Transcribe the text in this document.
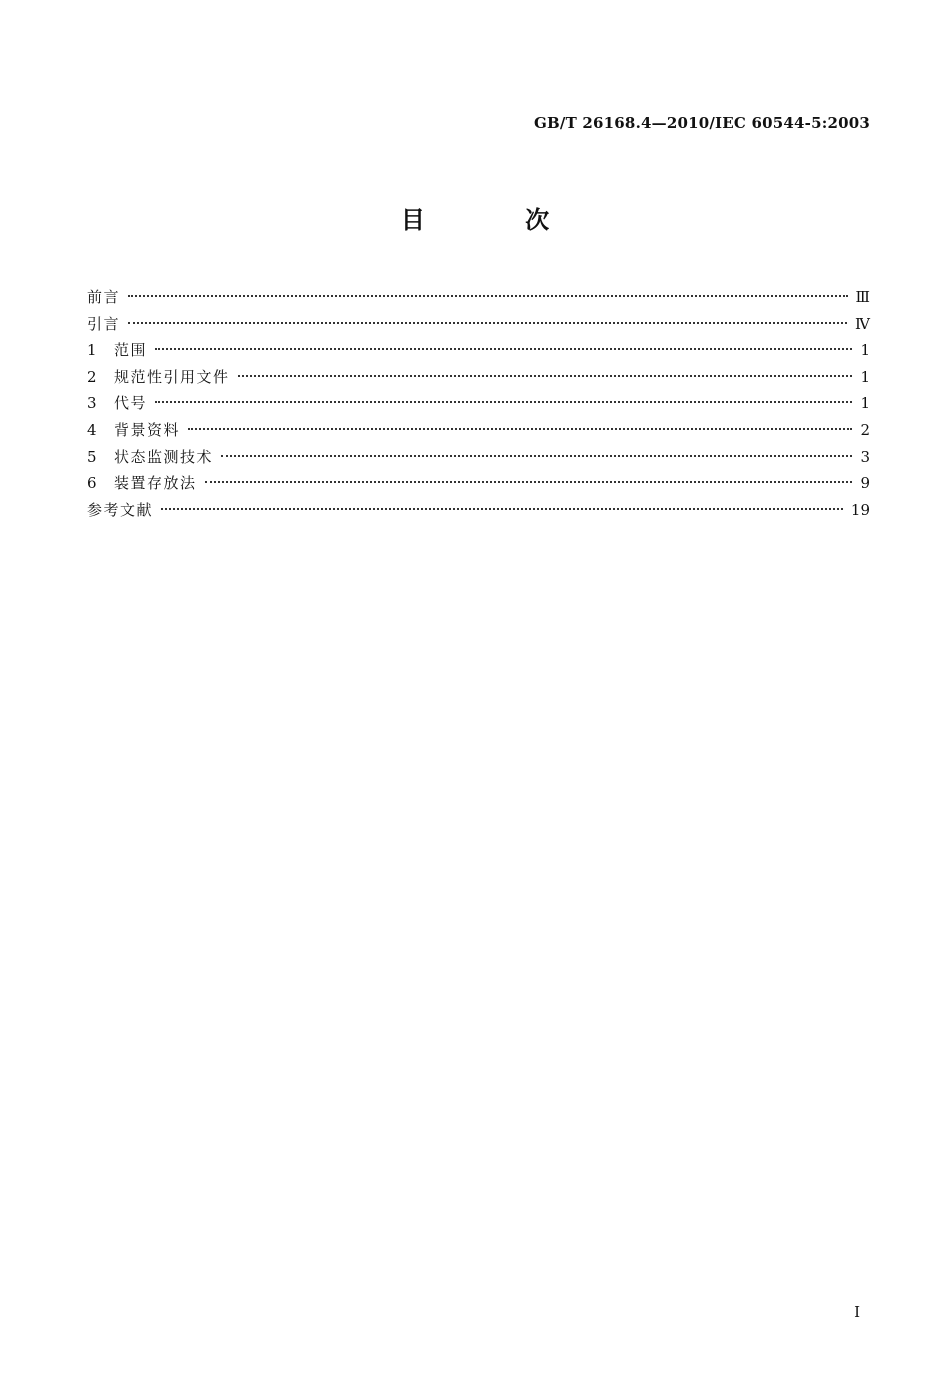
GB/T 26168.4—2010/IEC 60544-5:2003
目 次
前言	Ⅲ
引言	Ⅳ
1	范围	1
2	规范性引用文件	1
3	代号	1
4	背景资料	2
5	状态监测技术	3
6	装置存放法	9
参考文献	19
I
